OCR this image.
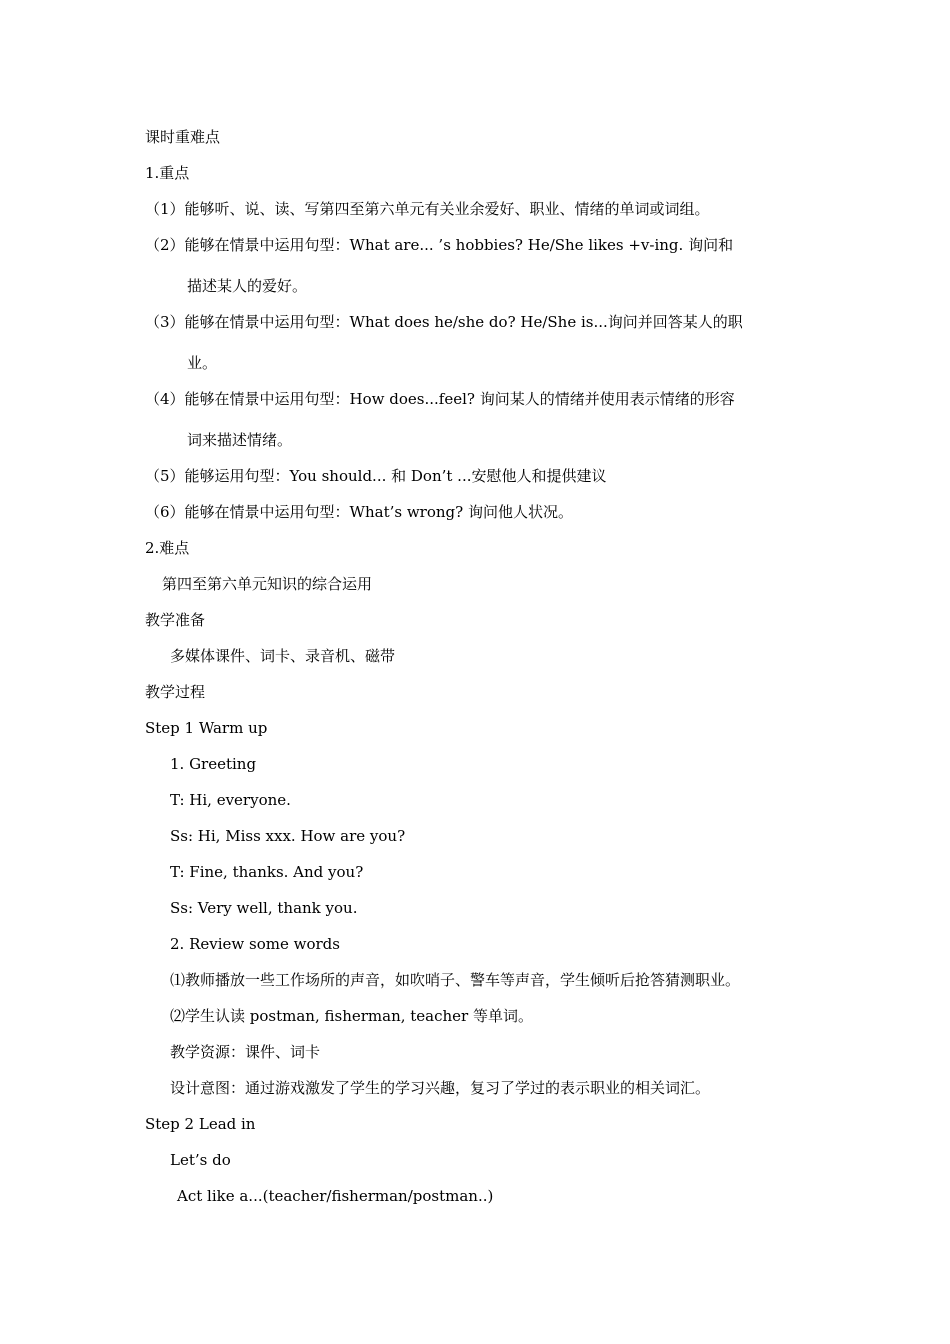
课时重难点
1.重点
（1）能够听、说、读、写第四至第六单元有关业余爱好、职业、情绪的单词或词组。
（2）能够在情景中运用句型：What are... ’s hobbies? He/She likes +v-ing. 询问和
描述某人的爱好。
（3）能够在情景中运用句型：What does he/she do? He/She is...询问并回答某人的职
业。
（4）能够在情景中运用句型：How does...feel? 询问某人的情绪并使用表示情绪的形容
词来描述情绪。
（5）能够运用句型：You should... 和 Don’t ...安慰他人和提供建议
（6）能够在情景中运用句型：What’s wrong? 询问他人状况。
2.难点
第四至第六单元知识的综合运用
教学准备
多媒体课件、词卡、录音机、磁带
教学过程
Step 1 Warm up
1. Greeting
T: Hi, everyone.
Ss: Hi, Miss xxx. How are you?
T: Fine, thanks. And you?
Ss: Very well, thank you.
2. Review some words
⑴教师播放一些工作场所的声音，如吹哨子、警车等声音，学生倾听后抢答猜测职业。
⑵学生认读 postman, fisherman, teacher 等单词。
教学资源：课件、词卡
设计意图：通过游戏激发了学生的学习兴趣，复习了学过的表示职业的相关词汇。
Step 2 Lead in
Let’s do
Act like a...(teacher/fisherman/postman..)
